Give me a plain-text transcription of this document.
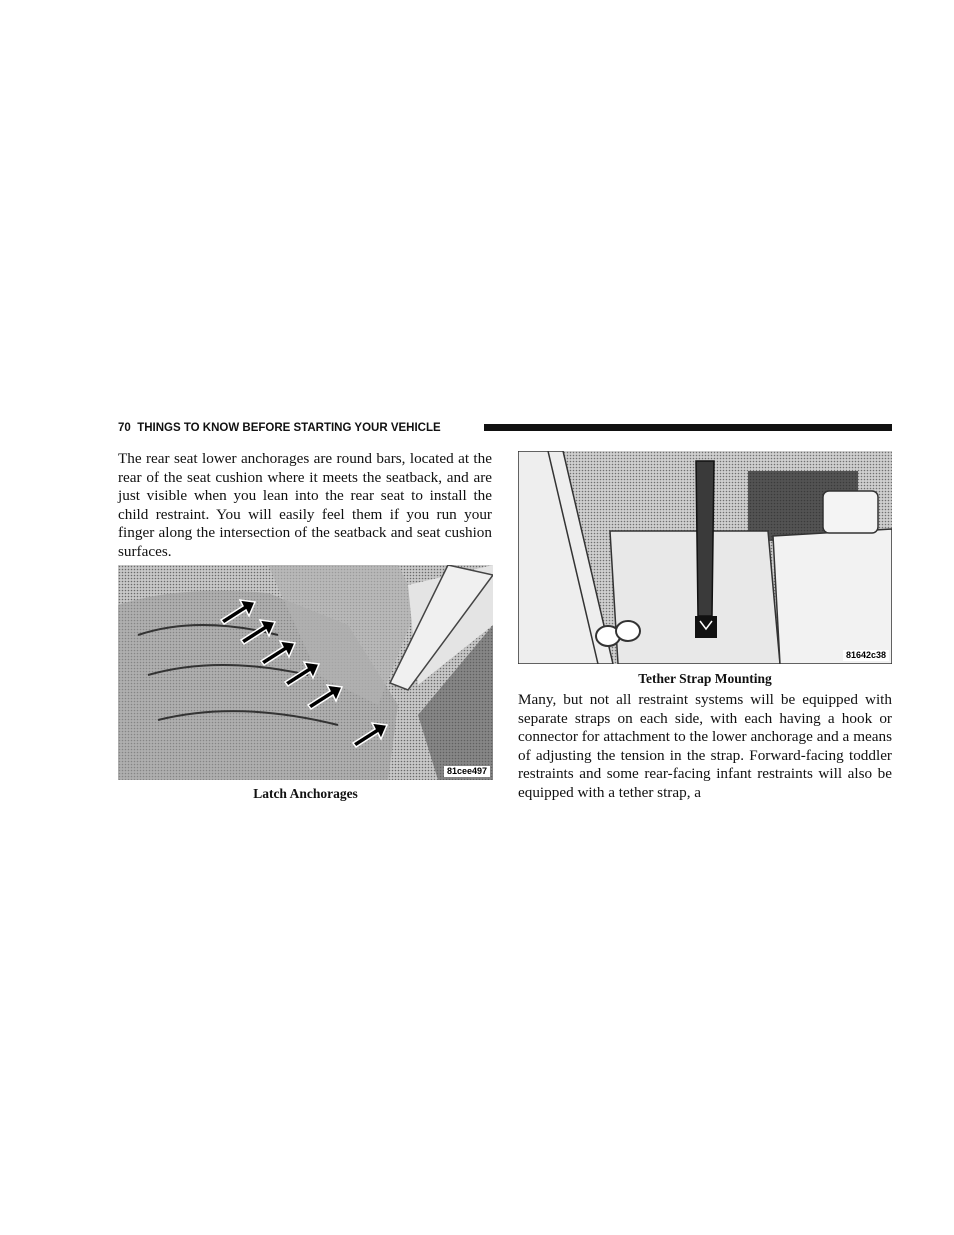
70 THINGS TO KNOW BEFORE STARTING YOUR VEHICLE
The rear seat lower anchorages are round bars, located at the rear of the seat cushion where it meets the seatback, and are just visible when you lean into the rear seat to install the child restraint. You will easily feel them if you run your finger along the intersection of the seatback and seat cushion surfaces.
81cee497
Latch Anchorages
81642c38
Tether Strap Mounting
Many, but not all restraint systems will be equipped with separate straps on each side, with each having a hook or connector for attachment to the lower anchorage and a means of adjusting the tension in the strap. Forward-facing toddler restraints and some rear-facing infant restraints will also be equipped with a tether strap, a
